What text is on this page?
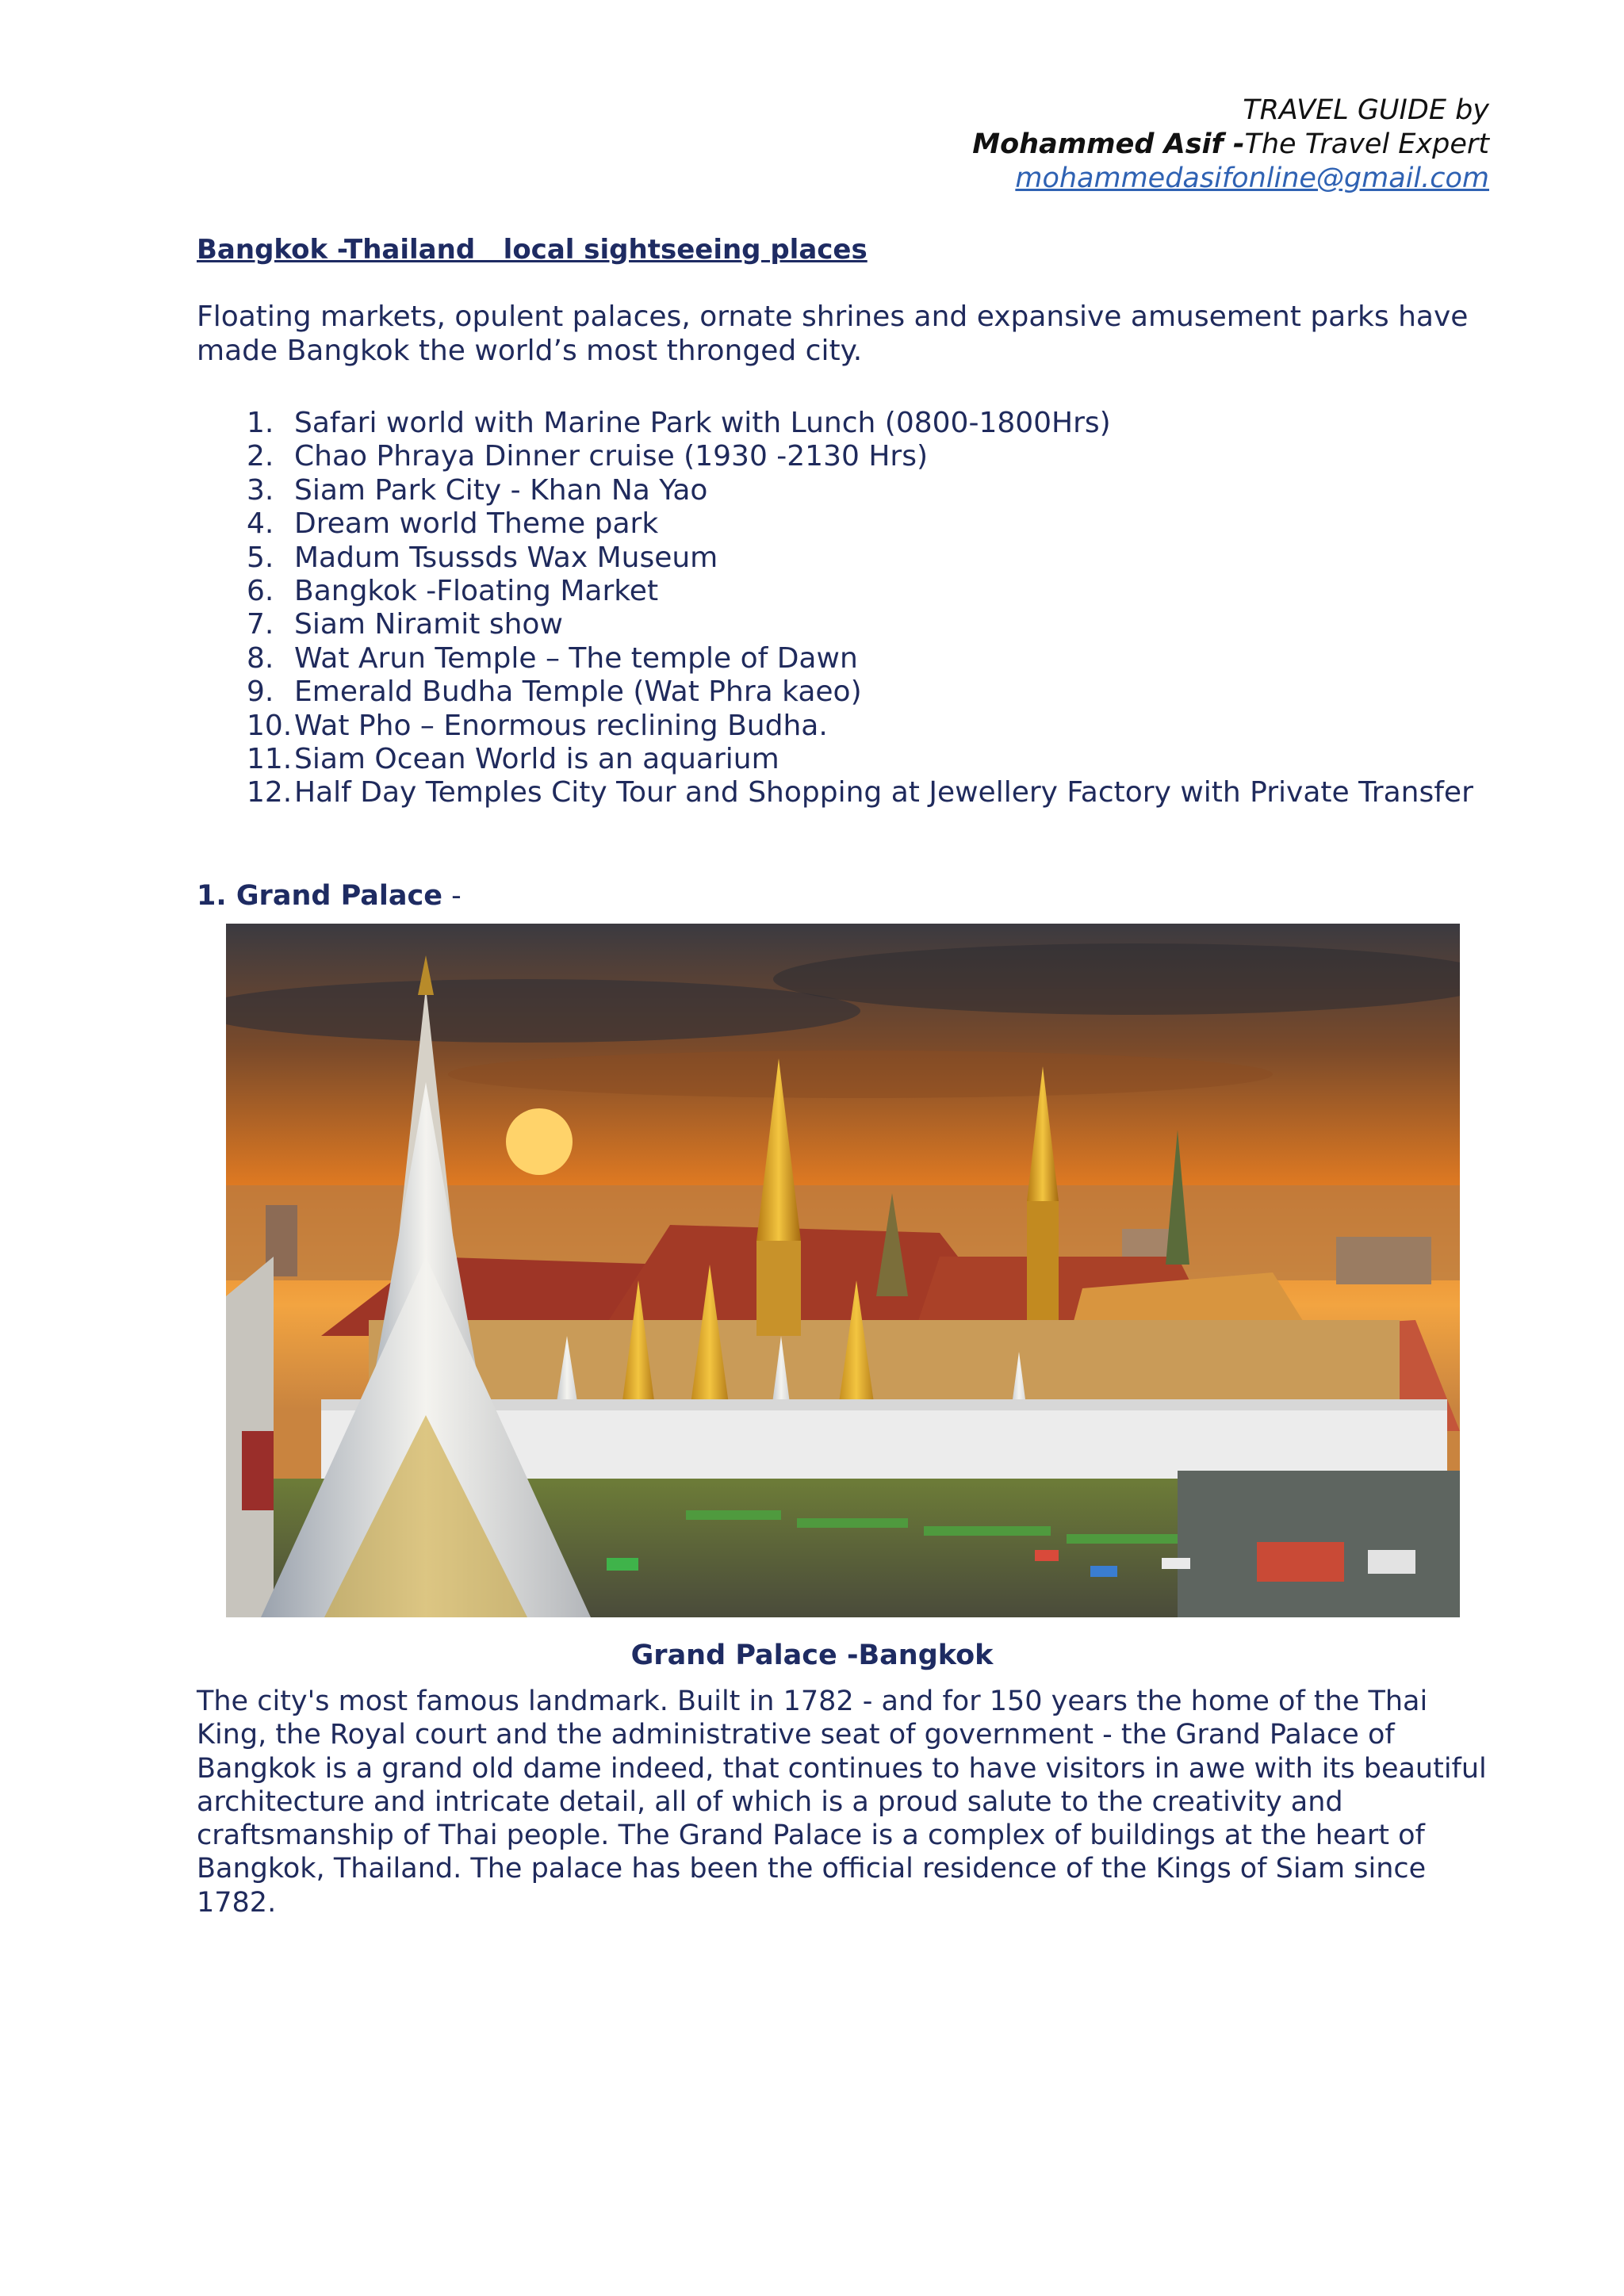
TRAVEL GUIDE by
Mohammed Asif -The Travel Expert
mohammedasifonline@gmail.com
Bangkok -Thailand   local sightseeing places
Floating markets, opulent palaces, ornate shrines and expansive amusement parks have made Bangkok the world’s most thronged city.
1. Safari world with Marine Park with Lunch (0800-1800Hrs)
2. Chao Phraya Dinner cruise (1930 -2130 Hrs)
3. Siam Park City - Khan Na Yao
4. Dream world Theme park
5. Madum Tsussds Wax Museum
6. Bangkok -Floating Market
7. Siam Niramit show
8. Wat Arun Temple – The temple of Dawn
9. Emerald Budha Temple (Wat Phra kaeo)
10. Wat Pho – Enormous reclining Budha.
11. Siam Ocean World is an aquarium
12. Half Day Temples City Tour and Shopping at Jewellery Factory with Private Transfer
1. Grand Palace -
Grand Palace -Bangkok
The city's most famous landmark. Built in 1782 - and for 150 years the home of the Thai King, the Royal court and the administrative seat of government - the Grand Palace of Bangkok is a grand old dame indeed, that continues to have visitors in awe with its beautiful architecture and intricate detail, all of which is a proud salute to the creativity and craftsmanship of Thai people. The Grand Palace is a complex of buildings at the heart of Bangkok, Thailand. The palace has been the official residence of the Kings of Siam since 1782.
